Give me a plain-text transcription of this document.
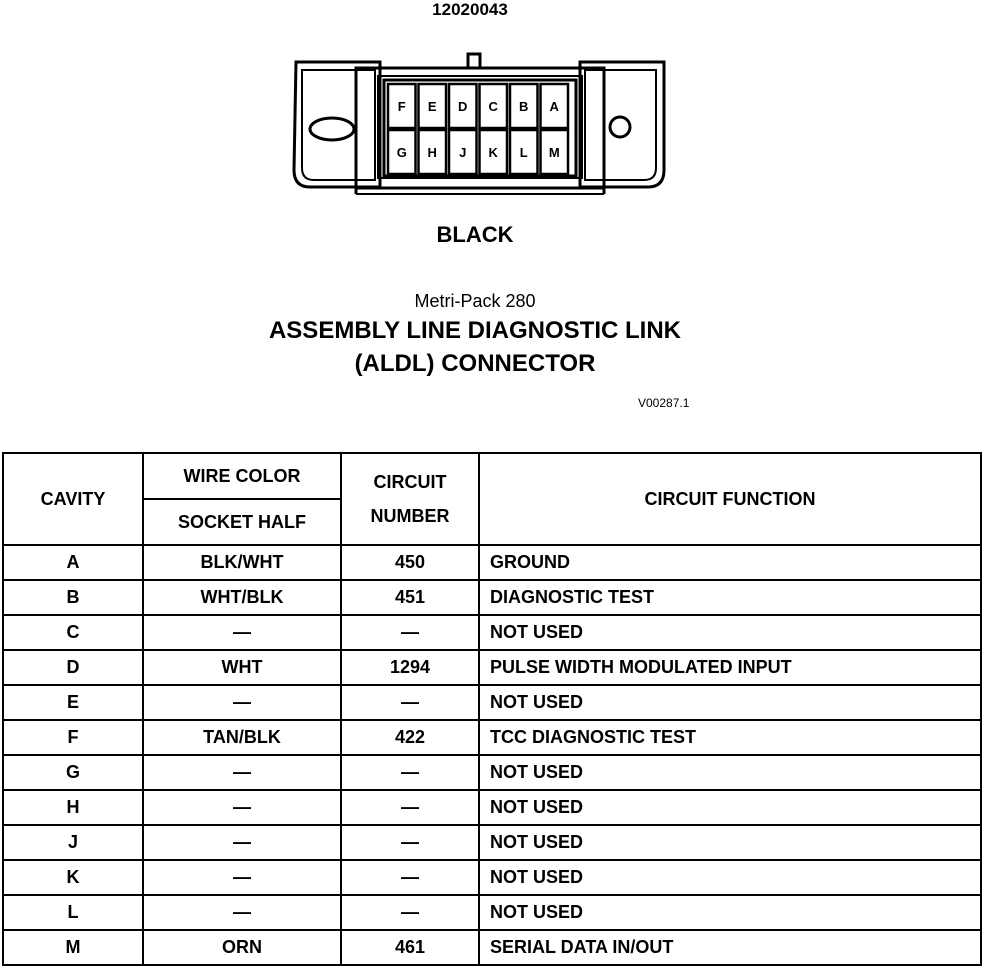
12020043
F E D C B A
G H J K L M
BLACK
Metri-Pack 280
ASSEMBLY LINE DIAGNOSTIC LINK
(ALDL) CONNECTOR
V00287.1
CAVITY	WIRE COLOR	CIRCUIT NUMBER	CIRCUIT FUNCTION
	SOCKET HALF		
A	BLK/WHT	450	GROUND
B	WHT/BLK	451	DIAGNOSTIC TEST
C	—	—	NOT USED
D	WHT	1294	PULSE WIDTH MODULATED INPUT
E	—	—	NOT USED
F	TAN/BLK	422	TCC DIAGNOSTIC TEST
G	—	—	NOT USED
H	—	—	NOT USED
J	—	—	NOT USED
K	—	—	NOT USED
L	—	—	NOT USED
M	ORN	461	SERIAL DATA IN/OUT
